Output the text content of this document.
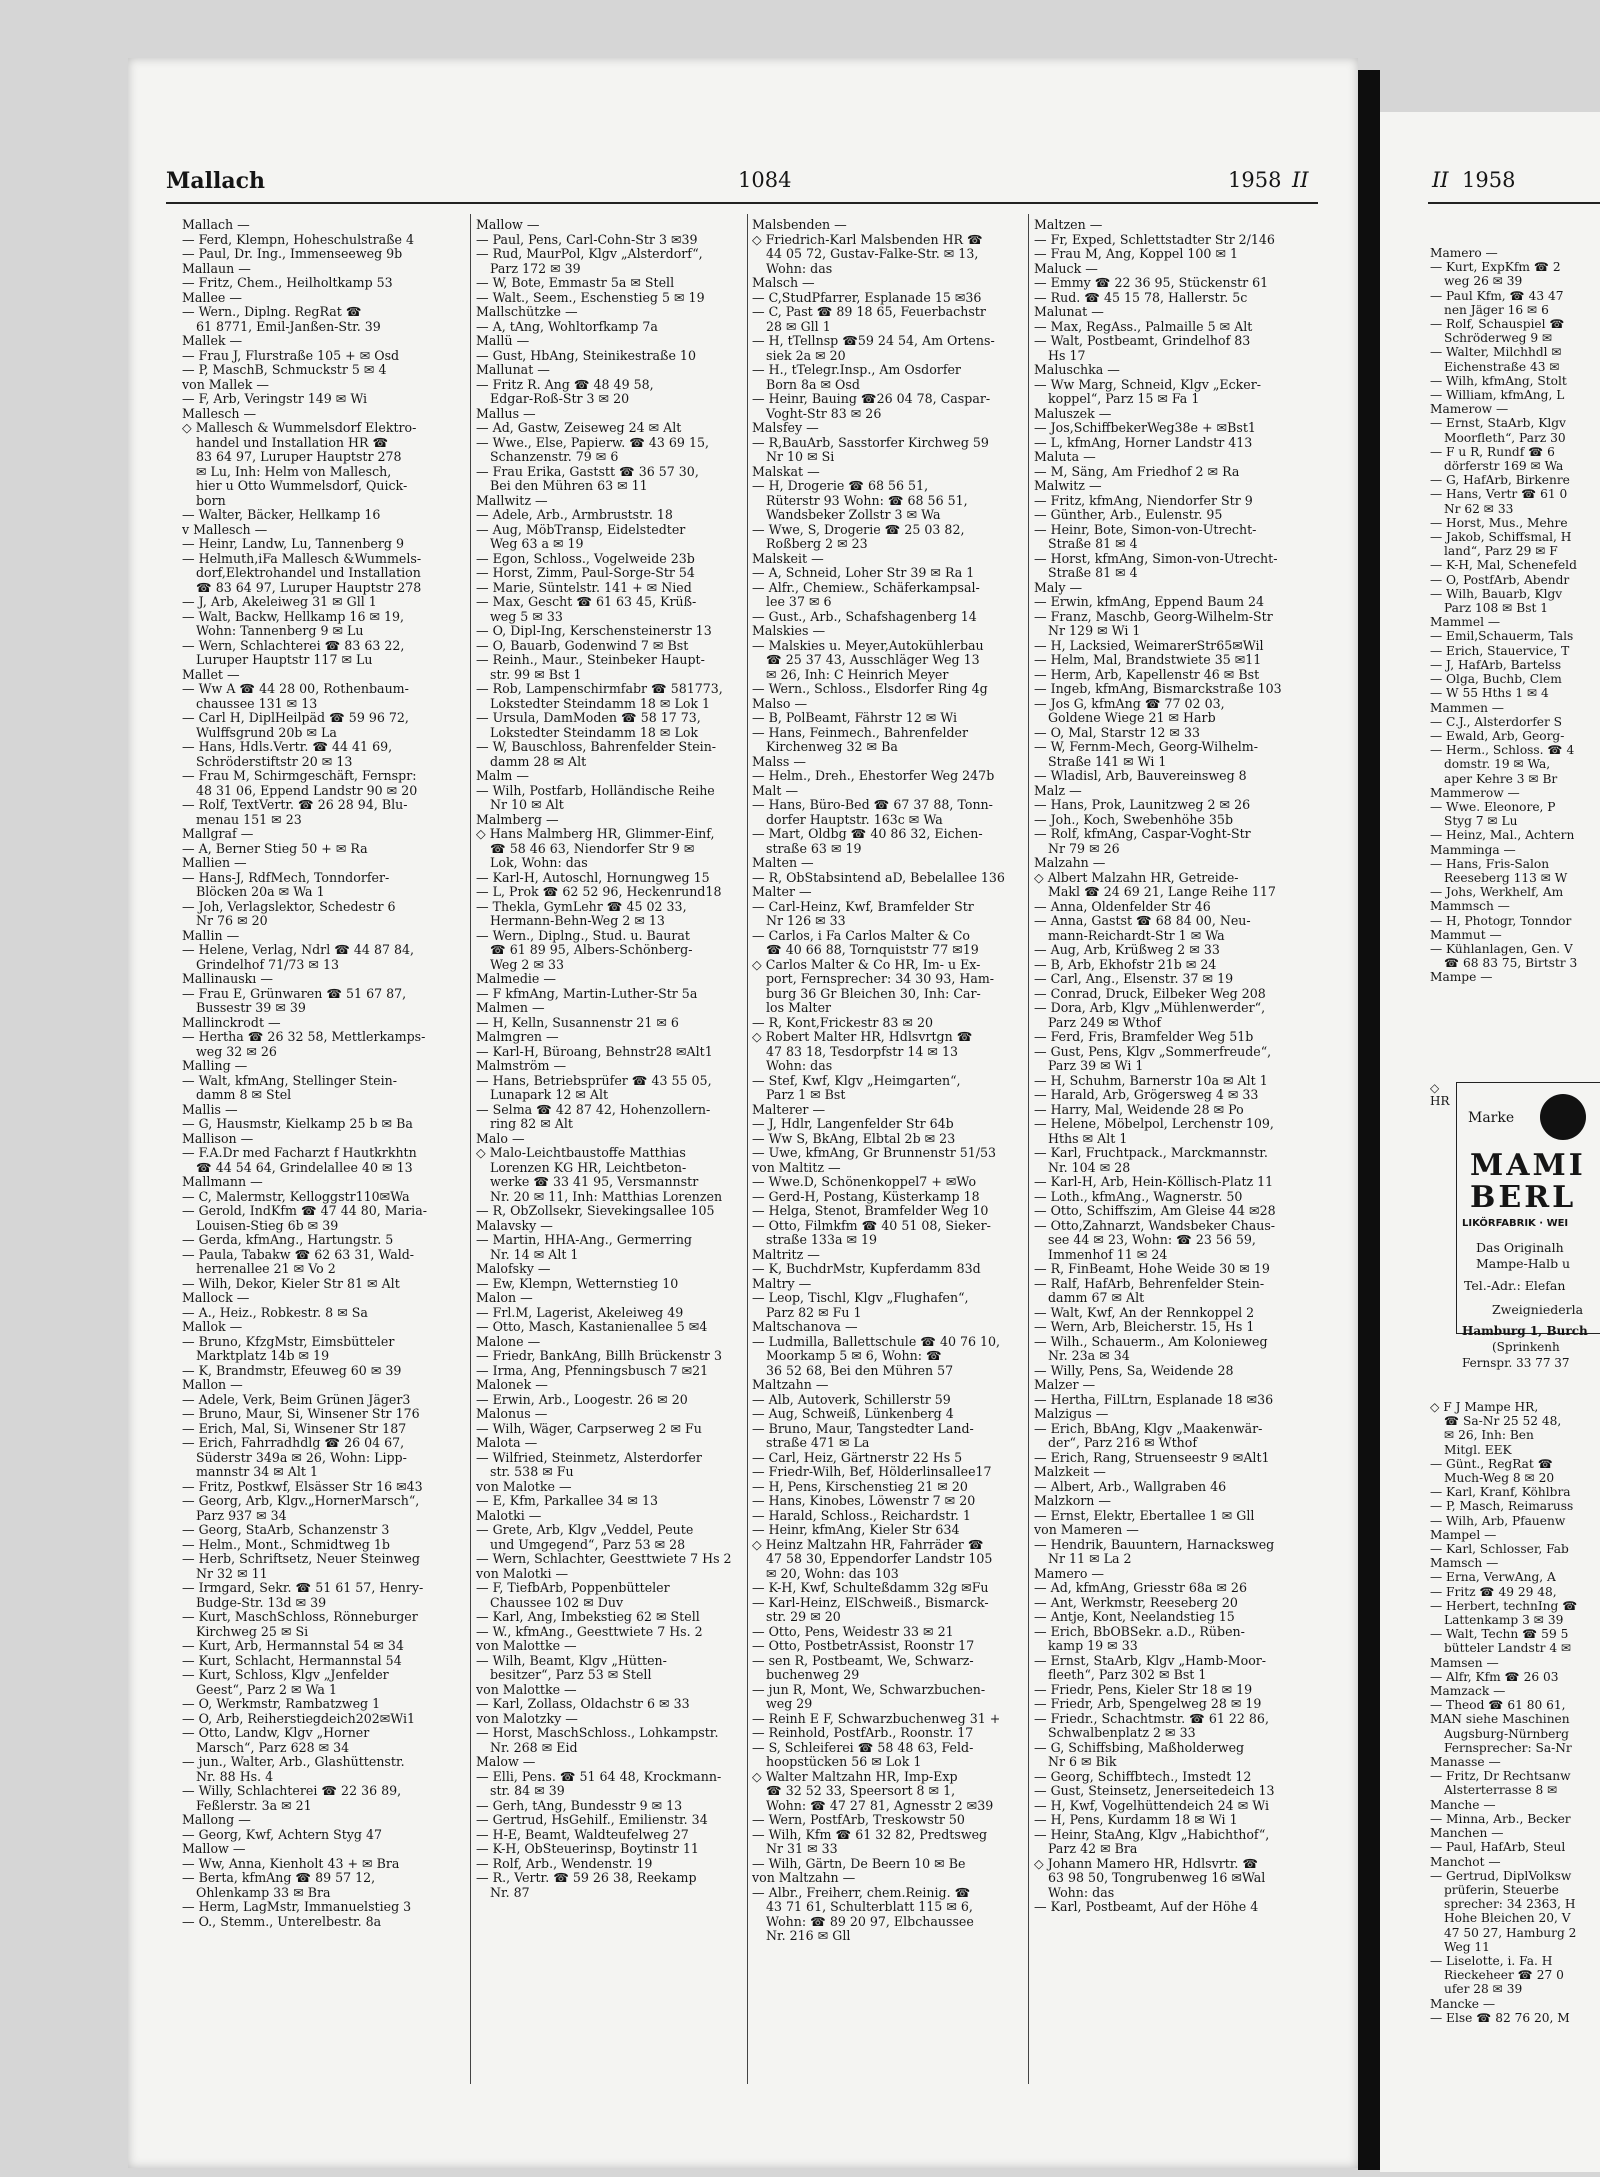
Mallach	1084	1958 II	II 1958
Mallach —
— Ferd, Klempn, Hoheschulstraße 4
— Paul, Dr. Ing., Immenseeweg 9b
Mallaun —
— Fritz, Chem., Heilholtkamp 53
Mallee —
— Wern., Diplng. RegRat ☎
61 8771, Emil-Janßen-Str. 39
Mallek —
— Frau J, Flurstraße 105 + ✉ Osd
— P, MaschB, Schmuckstr 5 ✉ 4
von Mallek —
— F, Arb, Veringstr 149 ✉ Wi
Mallesch —
◇ Mallesch & Wummelsdorf Elektro-
handel und Installation HR ☎
83 64 97, Luruper Hauptstr 278
✉ Lu, Inh: Helm von Mallesch,
hier u Otto Wummelsdorf, Quick-
born
— Walter, Bäcker, Hellkamp 16
v Mallesch —
— Heinr, Landw, Lu, Tannenberg 9
— Helmuth,iFa Mallesch &Wummels-
dorf,Elektrohandel und Installation
☎ 83 64 97, Luruper Hauptstr 278
— J, Arb, Akeleiweg 31 ✉ Gll 1
— Walt, Backw, Hellkamp 16 ✉ 19,
Wohn: Tannenberg 9 ✉ Lu
— Wern, Schlachterei ☎ 83 63 22,
Luruper Hauptstr 117 ✉ Lu
Mallet —
— Ww A ☎ 44 28 00, Rothenbaum-
chaussee 131 ✉ 13
— Carl H, DiplHeilpäd ☎ 59 96 72,
Wulffsgrund 20b ✉ La
— Hans, Hdls.Vertr. ☎ 44 41 69,
Schröderstiftstr 20 ✉ 13
— Frau M, Schirmgeschäft, Fernspr:
48 31 06, Eppend Landstr 90 ✉ 20
— Rolf, TextVertr. ☎ 26 28 94, Blu-
menau 151 ✉ 23
Mallgraf —
— A, Berner Stieg 50 + ✉ Ra
Mallien —
— Hans-J, RdfMech, Tonndorfer-
Blöcken 20a ✉ Wa 1
— Joh, Verlagslektor, Schedestr 6
Nr 76 ✉ 20
Mallin —
— Helene, Verlag, Ndrl ☎ 44 87 84,
Grindelhof 71/73 ✉ 13
Mallinauskı —
— Frau E, Grünwaren ☎ 51 67 87,
Bussestr 39 ✉ 39
Mallinckrodt —
— Hertha ☎ 26 32 58, Mettlerkamps-
weg 32 ✉ 26
Malling —
— Walt, kfmAng, Stellinger Stein-
damm 8 ✉ Stel
Mallis —
— G, Hausmstr, Kielkamp 25 b ✉ Ba
Mallison —
— F.A.Dr med Facharzt f Hautkrkhtn
☎ 44 54 64, Grindelallee 40 ✉ 13
Mallmann —
— C, Malermstr, Kelloggstr110✉Wa
— Gerold, IndKfm ☎ 47 44 80, Maria-
Louisen-Stieg 6b ✉ 39
— Gerda, kfmAng., Hartungstr. 5
— Paula, Tabakw ☎ 62 63 31, Wald-
herrenallee 21 ✉ Vo 2
— Wilh, Dekor, Kieler Str 81 ✉ Alt
Mallock —
— A., Heiz., Robkestr. 8 ✉ Sa
Mallok —
— Bruno, KfzgMstr, Eimsbütteler
Marktplatz 14b ✉ 19
— K, Brandmstr, Efeuweg 60 ✉ 39
Mallon —
— Adele, Verk, Beim Grünen Jäger3
— Bruno, Maur, Si, Winsener Str 176
— Erich, Mal, Si, Winsener Str 187
— Erich, Fahrradhdlg ☎ 26 04 67,
Süderstr 349a ✉ 26, Wohn: Lipp-
mannstr 34 ✉ Alt 1
— Fritz, Postkwf, Elsässer Str 16 ✉43
— Georg, Arb, Klgv.„HornerMarsch“,
Parz 937 ✉ 34
— Georg, StaArb, Schanzenstr 3
— Helm., Mont., Schmidtweg 1b
— Herb, Schriftsetz, Neuer Steinweg
Nr 32 ✉ 11
— Irmgard, Sekr. ☎ 51 61 57, Henry-
Budge-Str. 13d ✉ 39
— Kurt, MaschSchloss, Rönneburger
Kirchweg 25 ✉ Si
— Kurt, Arb, Hermannstal 54 ✉ 34
— Kurt, Schlacht, Hermannstal 54
— Kurt, Schloss, Klgv „Jenfelder
Geest“, Parz 2 ✉ Wa 1
— O, Werkmstr, Rambatzweg 1
— O, Arb, Reiherstiegdeich202✉Wi1
— Otto, Landw, Klgv „Horner
Marsch“, Parz 628 ✉ 34
— jun., Walter, Arb., Glashüttenstr.
Nr. 88 Hs. 4
— Willy, Schlachterei ☎ 22 36 89,
Feßlerstr. 3a ✉ 21
Mallong —
— Georg, Kwf, Achtern Styg 47
Mallow —
— Ww, Anna, Kienholt 43 + ✉ Bra
— Berta, kfmAng ☎ 89 57 12,
Ohlenkamp 33 ✉ Bra
— Herm, LagMstr, Immanuelstieg 3
— O., Stemm., Unterelbestr. 8a
Mallow —
— Paul, Pens, Carl-Cohn-Str 3 ✉39
— Rud, MaurPol, Klgv „Alsterdorf“,
Parz 172 ✉ 39
— W, Bote, Emmastr 5a ✉ Stell
— Walt., Seem., Eschenstieg 5 ✉ 19
Mallschützke —
— A, tAng, Wohltorfkamp 7a
Mallü —
— Gust, HbAng, Steinikestraße 10
Mallunat —
— Fritz R. Ang ☎ 48 49 58,
Edgar-Roß-Str 3 ✉ 20
Mallus —
— Ad, Gastw, Zeiseweg 24 ✉ Alt
— Wwe., Else, Papierw. ☎ 43 69 15,
Schanzenstr. 79 ✉ 6
— Frau Erika, Gaststt ☎ 36 57 30,
Bei den Mühren 63 ✉ 11
Mallwitz —
— Adele, Arb., Armbruststr. 18
— Aug, MöbTransp, Eidelstedter
Weg 63 a ✉ 19
— Egon, Schloss., Vogelweide 23b
— Horst, Zimm, Paul-Sorge-Str 54
— Marie, Süntelstr. 141 + ✉ Nied
— Max, Gescht ☎ 61 63 45, Krüß-
weg 5 ✉ 33
— O, Dipl-Ing, Kerschensteinerstr 13
— O, Bauarb, Godenwind 7 ✉ Bst
— Reinh., Maur., Steinbeker Haupt-
str. 99 ✉ Bst 1
— Rob, Lampenschirmfabr ☎ 581773,
Lokstedter Steindamm 18 ✉ Lok 1
— Ursula, DamModen ☎ 58 17 73,
Lokstedter Steindamm 18 ✉ Lok
— W, Bauschloss, Bahrenfelder Stein-
damm 28 ✉ Alt
Malm —
— Wilh, Postfarb, Holländische Reihe
Nr 10 ✉ Alt
Malmberg —
◇ Hans Malmberg HR, Glimmer-Einf,
☎ 58 46 63, Niendorfer Str 9 ✉
Lok, Wohn: das
— Karl-H, Autoschl, Hornungweg 15
— L, Prok ☎ 62 52 96, Heckenrund18
— Thekla, GymLehr ☎ 45 02 33,
Hermann-Behn-Weg 2 ✉ 13
— Wern., Diplng., Stud. u. Baurat
☎ 61 89 95, Albers-Schönberg-
Weg 2 ✉ 33
Malmedie —
— F kfmAng, Martin-Luther-Str 5a
Malmen —
— H, Kelln, Susannenstr 21 ✉ 6
Malmgren —
— Karl-H, Büroang, Behnstr28 ✉Alt1
Malmström —
— Hans, Betriebsprüfer ☎ 43 55 05,
Lunapark 12 ✉ Alt
— Selma ☎ 42 87 42, Hohenzollern-
ring 82 ✉ Alt
Malo —
◇ Malo-Leichtbaustoffe Matthias
Lorenzen KG HR, Leichtbeton-
werke ☎ 33 41 95, Versmannstr
Nr. 20 ✉ 11, Inh: Matthias Lorenzen
— R, ObZollsekr, Sievekingsallee 105
Malavsky —
— Martin, HHA-Ang., Germerring
Nr. 14 ✉ Alt 1
Malofsky —
— Ew, Klempn, Wetternstieg 10
Malon —
— Frl.M, Lagerist, Akeleiweg 49
— Otto, Masch, Kastanienallee 5 ✉4
Malone —
— Friedr, BankAng, Billh Brückenstr 3
— Irma, Ang, Pfenningsbusch 7 ✉21
Malonek —
— Erwin, Arb., Loogestr. 26 ✉ 20
Malonus —
— Wilh, Wäger, Carpserweg 2 ✉ Fu
Malota —
— Wilfried, Steinmetz, Alsterdorfer
str. 538 ✉ Fu
von Malotke —
— E, Kfm, Parkallee 34 ✉ 13
Malotki —
— Grete, Arb, Klgv „Veddel, Peute
und Umgegend“, Parz 53 ✉ 28
— Wern, Schlachter, Geesttwiete 7 Hs 2
von Malotki —
— F, TiefbArb, Poppenbütteler
Chaussee 102 ✉ Duv
— Karl, Ang, Imbekstieg 62 ✉ Stell
— W., kfmAng., Geesttwiete 7 Hs. 2
von Malottke —
— Wilh, Beamt, Klgv „Hütten-
besitzer“, Parz 53 ✉ Stell
von Malottke —
— Karl, Zollass, Oldachstr 6 ✉ 33
von Malotzky —
— Horst, MaschSchloss., Lohkampstr.
Nr. 268 ✉ Eid
Malow —
— Elli, Pens. ☎ 51 64 48, Krockmann-
str. 84 ✉ 39
— Gerh, tAng, Bundesstr 9 ✉ 13
— Gertrud, HsGehilf., Emilienstr. 34
— H-E, Beamt, Waldteufelweg 27
— K-H, ObSteuerinsp, Boytinstr 11
— Rolf, Arb., Wendenstr. 19
— R., Vertr. ☎ 59 26 38, Reekamp
Nr. 87
Malsbenden —
◇ Friedrich-Karl Malsbenden HR ☎
44 05 72, Gustav-Falke-Str. ✉ 13,
Wohn: das
Malsch —
— C,StudPfarrer, Esplanade 15 ✉36
— C, Past ☎ 89 18 65, Feuerbachstr
28 ✉ Gll 1
— H, tTellnsp ☎59 24 54, Am Ortens-
siek 2a ✉ 20
— H., tTelegr.Insp., Am Osdorfer
Born 8a ✉ Osd
— Heinr, Bauing ☎26 04 78, Caspar-
Voght-Str 83 ✉ 26
Malsfey —
— R,BauArb, Sasstorfer Kirchweg 59
Nr 10 ✉ Si
Malskat —
— H, Drogerie ☎ 68 56 51,
Rüterstr 93 Wohn: ☎ 68 56 51,
Wandsbeker Zollstr 3 ✉ Wa
— Wwe, S, Drogerie ☎ 25 03 82,
Roßberg 2 ✉ 23
Malskeit —
— A, Schneid, Loher Str 39 ✉ Ra 1
— Alfr., Chemiew., Schäferkampsal-
lee 37 ✉ 6
— Gust., Arb., Schafshagenberg 14
Malskies —
— Malskies u. Meyer,Autokühlerbau
☎ 25 37 43, Ausschläger Weg 13
✉ 26, Inh: C Heinrich Meyer
— Wern., Schloss., Elsdorfer Ring 4g
Malso —
— B, PolBeamt, Fährstr 12 ✉ Wi
— Hans, Feinmech., Bahrenfelder
Kirchenweg 32 ✉ Ba
Malss —
— Helm., Dreh., Ehestorfer Weg 247b
Malt —
— Hans, Büro-Bed ☎ 67 37 88, Tonn-
dorfer Hauptstr. 163c ✉ Wa
— Mart, Oldbg ☎ 40 86 32, Eichen-
straße 63 ✉ 19
Malten —
— R, ObStabsintend aD, Bebelallee 136
Malter —
— Carl-Heinz, Kwf, Bramfelder Str
Nr 126 ✉ 33
— Carlos, i Fa Carlos Malter & Co
☎ 40 66 88, Tornquiststr 77 ✉19
◇ Carlos Malter & Co HR, Im- u Ex-
port, Fernsprecher: 34 30 93, Ham-
burg 36 Gr Bleichen 30, Inh: Car-
los Malter
— R, Kont,Frickestr 83 ✉ 20
◇ Robert Malter HR, Hdlsvrtgn ☎
47 83 18, Tesdorpfstr 14 ✉ 13
Wohn: das
— Stef, Kwf, Klgv „Heimgarten“,
Parz 1 ✉ Bst
Malterer —
— J, Hdlr, Langenfelder Str 64b
— Ww S, BkAng, Elbtal 2b ✉ 23
— Uwe, kfmAng, Gr Brunnenstr 51/53
von Maltitz —
— Wwe.D, Schönenkoppel7 + ✉Wo
— Gerd-H, Postang, Küsterkamp 18
— Helga, Stenot, Bramfelder Weg 10
— Otto, Filmkfm ☎ 40 51 08, Sieker-
straße 133a ✉ 19
Maltritz —
— K, BuchdrMstr, Kupferdamm 83d
Maltry —
— Leop, Tischl, Klgv „Flughafen“,
Parz 82 ✉ Fu 1
Maltschanova —
— Ludmilla, Ballettschule ☎ 40 76 10,
Moorkamp 5 ✉ 6, Wohn: ☎
36 52 68, Bei den Mühren 57
Maltzahn —
— Alb, Autoverk, Schillerstr 59
— Aug, Schweiß, Lünkenberg 4
— Bruno, Maur, Tangstedter Land-
straße 471 ✉ La
— Carl, Heiz, Gärtnerstr 22 Hs 5
— Friedr-Wilh, Bef, Hölderlinsallee17
— H, Pens, Kirschenstieg 21 ✉ 20
— Hans, Kinobes, Löwenstr 7 ✉ 20
— Harald, Schloss., Reichardstr. 1
— Heinr, kfmAng, Kieler Str 634
◇ Heinz Maltzahn HR, Fahrräder ☎
47 58 30, Eppendorfer Landstr 105
✉ 20, Wohn: das 103
— K-H, Kwf, Schulteßdamm 32g ✉Fu
— Karl-Heinz, ElSchweiß., Bismarck-
str. 29 ✉ 20
— Otto, Pens, Weidestr 33 ✉ 21
— Otto, PostbetrAssist, Roonstr 17
— sen R, Postbeamt, We, Schwarz-
buchenweg 29
— jun R, Mont, We, Schwarzbuchen-
weg 29
— Reinh E F, Schwarzbuchenweg 31 +
— Reinhold, PostfArb., Roonstr. 17
— S, Schleiferei ☎ 58 48 63, Feld-
hoopstücken 56 ✉ Lok 1
◇ Walter Maltzahn HR, Imp-Exp
☎ 32 52 33, Speersort 8 ✉ 1,
Wohn: ☎ 47 27 81, Agnesstr 2 ✉39
— Wern, PostfArb, Treskowstr 50
— Wilh, Kfm ☎ 61 32 82, Predtsweg
Nr 31 ✉ 33
— Wilh, Gärtn, De Beern 10 ✉ Be
von Maltzahn —
— Albr., Freiherr, chem.Reinig. ☎
43 71 61, Schulterblatt 115 ✉ 6,
Wohn: ☎ 89 20 97, Elbchaussee
Nr. 216 ✉ Gll
Maltzen —
— Fr, Exped, Schlettstadter Str 2/146
— Frau M, Ang, Koppel 100 ✉ 1
Maluck —
— Emmy ☎ 22 36 95, Stückenstr 61
— Rud. ☎ 45 15 78, Hallerstr. 5c
Malunat —
— Max, RegAss., Palmaille 5 ✉ Alt
— Walt, Postbeamt, Grindelhof 83
Hs 17
Maluschka —
— Ww Marg, Schneid, Klgv „Ecker-
koppel“, Parz 15 ✉ Fa 1
Maluszek —
— Jos,SchiffbekerWeg38e + ✉Bst1
— L, kfmAng, Horner Landstr 413
Maluta —
— M, Säng, Am Friedhof 2 ✉ Ra
Malwitz —
— Fritz, kfmAng, Niendorfer Str 9
— Günther, Arb., Eulenstr. 95
— Heinr, Bote, Simon-von-Utrecht-
Straße 81 ✉ 4
— Horst, kfmAng, Simon-von-Utrecht-
Straße 81 ✉ 4
Maly —
— Erwin, kfmAng, Eppend Baum 24
— Franz, Maschb, Georg-Wilhelm-Str
Nr 129 ✉ Wi 1
— H, Lacksied, WeimarerStr65✉Wil
— Helm, Mal, Brandstwiete 35 ✉11
— Herm, Arb, Kapellenstr 46 ✉ Bst
— Ingeb, kfmAng, Bismarckstraße 103
— Jos G, kfmAng ☎ 77 02 03,
Goldene Wiege 21 ✉ Harb
— O, Mal, Starstr 12 ✉ 33
— W, Fernm-Mech, Georg-Wilhelm-
Straße 141 ✉ Wi 1
— Wladisl, Arb, Bauvereinsweg 8
Malz —
— Hans, Prok, Launitzweg 2 ✉ 26
— Joh., Koch, Swebenhöhe 35b
— Rolf, kfmAng, Caspar-Voght-Str
Nr 79 ✉ 26
Malzahn —
◇ Albert Malzahn HR, Getreide-
Makl ☎ 24 69 21, Lange Reihe 117
— Anna, Oldenfelder Str 46
— Anna, Gastst ☎ 68 84 00, Neu-
mann-Reichardt-Str 1 ✉ Wa
— Aug, Arb, Krüßweg 2 ✉ 33
— B, Arb, Ekhofstr 21b ✉ 24
— Carl, Ang., Elsenstr. 37 ✉ 19
— Conrad, Druck, Eilbeker Weg 208
— Dora, Arb, Klgv „Mühlenwerder“,
Parz 249 ✉ Wthof
— Ferd, Fris, Bramfelder Weg 51b
— Gust, Pens, Klgv „Sommerfreude“,
Parz 39 ✉ Wi 1
— H, Schuhm, Barnerstr 10a ✉ Alt 1
— Harald, Arb, Grögersweg 4 ✉ 33
— Harry, Mal, Weidende 28 ✉ Po
— Helene, Möbelpol, Lerchenstr 109,
Hths ✉ Alt 1
— Karl, Fruchtpack., Marckmannstr.
Nr. 104 ✉ 28
— Karl-H, Arb, Hein-Köllisch-Platz 11
— Loth., kfmAng., Wagnerstr. 50
— Otto, Schiffszim, Am Gleise 44 ✉28
— Otto,Zahnarzt, Wandsbeker Chaus-
see 44 ✉ 23, Wohn: ☎ 23 56 59,
Immenhof 11 ✉ 24
— R, FinBeamt, Hohe Weide 30 ✉ 19
— Ralf, HafArb, Behrenfelder Stein-
damm 67 ✉ Alt
— Walt, Kwf, An der Rennkoppel 2
— Wern, Arb, Bleicherstr. 15, Hs 1
— Wilh., Schauerm., Am Kolonieweg
Nr. 23a ✉ 34
— Willy, Pens, Sa, Weidende 28
Malzer —
— Hertha, FilLtrn, Esplanade 18 ✉36
Malzigus —
— Erich, BbAng, Klgv „Maakenwär-
der“, Parz 216 ✉ Wthof
— Erich, Rang, Struenseestr 9 ✉Alt1
Malzkeit —
— Albert, Arb., Wallgraben 46
Malzkorn —
— Ernst, Elektr, Ebertallee 1 ✉ Gll
von Mameren —
— Hendrik, Bauuntern, Harnacksweg
Nr 11 ✉ La 2
Mamero —
— Ad, kfmAng, Griesstr 68a ✉ 26
— Ant, Werkmstr, Reeseberg 20
— Antje, Kont, Neelandstieg 15
— Erich, BbOBSekr. a.D., Rüben-
kamp 19 ✉ 33
— Ernst, StaArb, Klgv „Hamb-Moor-
fleeth“, Parz 302 ✉ Bst 1
— Friedr, Pens, Kieler Str 18 ✉ 19
— Friedr, Arb, Spengelweg 28 ✉ 19
— Friedr., Schachtmstr. ☎ 61 22 86,
Schwalbenplatz 2 ✉ 33
— G, Schiffsbing, Maßholderweg
Nr 6 ✉ Bik
— Georg, Schiffbtech., Imstedt 12
— Gust, Steinsetz, Jenerseitedeich 13
— H, Kwf, Vogelhüttendeich 24 ✉ Wi
— H, Pens, Kurdamm 18 ✉ Wi 1
— Heinr, StaAng, Klgv „Habichthof“,
Parz 42 ✉ Bra
◇ Johann Mamero HR, Hdlsvrtr. ☎
63 98 50, Tongrubenweg 16 ✉Wal
Wohn: das
— Karl, Postbeamt, Auf der Höhe 4
Mamero —
— Kurt, ExpKfm ☎ 2
weg 26 ✉ 39
— Paul Kfm, ☎ 43 47
nen Jäger 16 ✉ 6
— Rolf, Schauspiel ☎
Schröderweg 9 ✉
— Walter, Milchhdl ✉
Eichenstraße 43 ✉
— Wilh, kfmAng, Stolt
— William, kfmAng, L
Mamerow —
— Ernst, StaArb, Klgv
Moorfleth“, Parz 30
— F u R, Rundf ☎ 6
dörferstr 169 ✉ Wa
— G, HafArb, Birkenre
— Hans, Vertr ☎ 61 0
Nr 62 ✉ 33
— Horst, Mus., Mehre
— Jakob, Schiffsmal, H
land“, Parz 29 ✉ F
— K-H, Mal, Schenefeld
— O, PostfArb, Abendr
— Wilh, Bauarb, Klgv
Parz 108 ✉ Bst 1
Mammel —
— Emil,Schauerm, Tals
— Erich, Stauervice, T
— J, HafArb, Bartelss
— Olga, Buchb, Clem
— W 55 Hths 1 ✉ 4
Mammen —
— C.J., Alsterdorfer S
— Ewald, Arb, Georg-
— Herm., Schloss. ☎ 4
domstr. 19 ✉ Wa,
aper Kehre 3 ✉ Br
Mammerow —
— Wwe. Eleonore, P
Styg 7 ✉ Lu
— Heinz, Mal., Achtern
Mamminga —
— Hans, Fris-Salon
Reeseberg 113 ✉ W
— Johs, Werkhelf, Am
Mammsch —
— H, Photogr, Tonndor
Mammut —
— Kühlanlagen, Gen. V
☎ 68 83 75, Birtstr 3
Mampe —
◇ HR
Marke
MAMI
BERL
LIKÖRFABRIK · WEI
Das Originalh
Mampe-Halb u
Tel.-Adr.: Elefan
Zweigniederla
Hamburg 1, Burch
(Sprinkenh
Fernspr. 33 77 37
◇ F J Mampe HR,
☎ Sa-Nr 25 52 48,
✉ 26, Inh: Ben
Mitgl. EEK
— Günt., RegRat ☎
Much-Weg 8 ✉ 20
— Karl, Kranf, Köhlbra
— P, Masch, Reimaruss
— Wilh, Arb, Pfauenw
Mampel —
— Karl, Schlosser, Fab
Mamsch —
— Erna, VerwAng, A
— Fritz ☎ 49 29 48,
— Herbert, technIng ☎
Lattenkamp 3 ✉ 39
— Walt, Techn ☎ 59 5
bütteler Landstr 4 ✉
Mamsen —
— Alfr, Kfm ☎ 26 03
Mamzack —
— Theod ☎ 61 80 61,
MAN siehe Maschinen
Augsburg-Nürnberg
Fernsprecher: Sa-Nr
Manasse —
— Fritz, Dr Rechtsanw
Alsterterrasse 8 ✉
Manche —
— Minna, Arb., Becker
Manchen —
— Paul, HafArb, Steul
Manchot —
— Gertrud, DiplVolksw
prüferin, Steuerbe
sprecher: 34 2363, H
Hohe Bleichen 20, V
47 50 27, Hamburg 2
Weg 11
— Liselotte, i. Fa. H
Rieckeheer ☎ 27 0
ufer 28 ✉ 39
Mancke —
— Else ☎ 82 76 20, M
